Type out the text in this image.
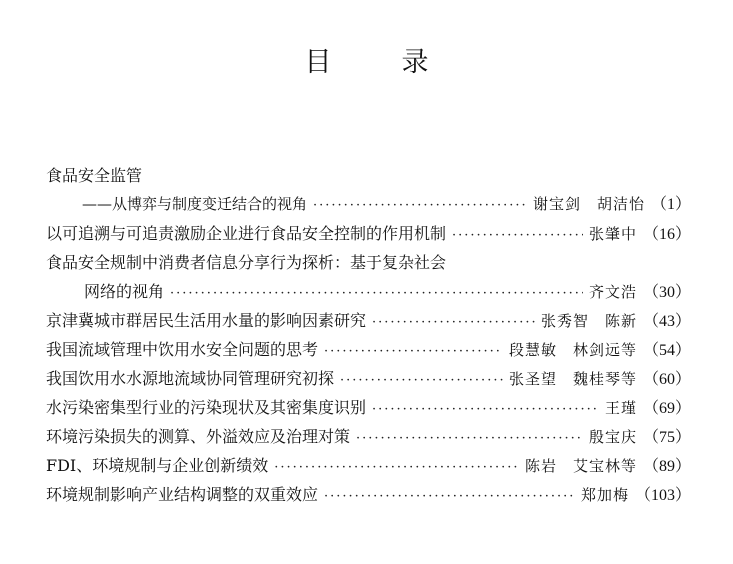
目	录
食品安全监管
——从博弈与制度变迁结合的视角 ·····	谢宝剑　胡洁怡 （1）
以可追溯与可追责激励企业进行食品安全控制的作用机制 ·····	张肇中 （16）
食品安全规制中消费者信息分享行为探析：基于复杂社会
网络的视角 ·····	齐文浩 （30）
京津冀城市群居民生活用水量的影响因素研究 ·····	张秀智　陈新 （43）
我国流域管理中饮用水安全问题的思考 ·····	段慧敏　林剑远等 （54）
我国饮用水水源地流域协同管理研究初探 ·····	张圣望　魏桂琴等 （60）
水污染密集型行业的污染现状及其密集度识别 ·····	王瑾 （69）
环境污染损失的测算、外溢效应及治理对策 ·····	殷宝庆 （75）
FDI、环境规制与企业创新绩效 ·····	陈岩　艾宝林等 （89）
环境规制影响产业结构调整的双重效应 ·····	郑加梅 （103）
